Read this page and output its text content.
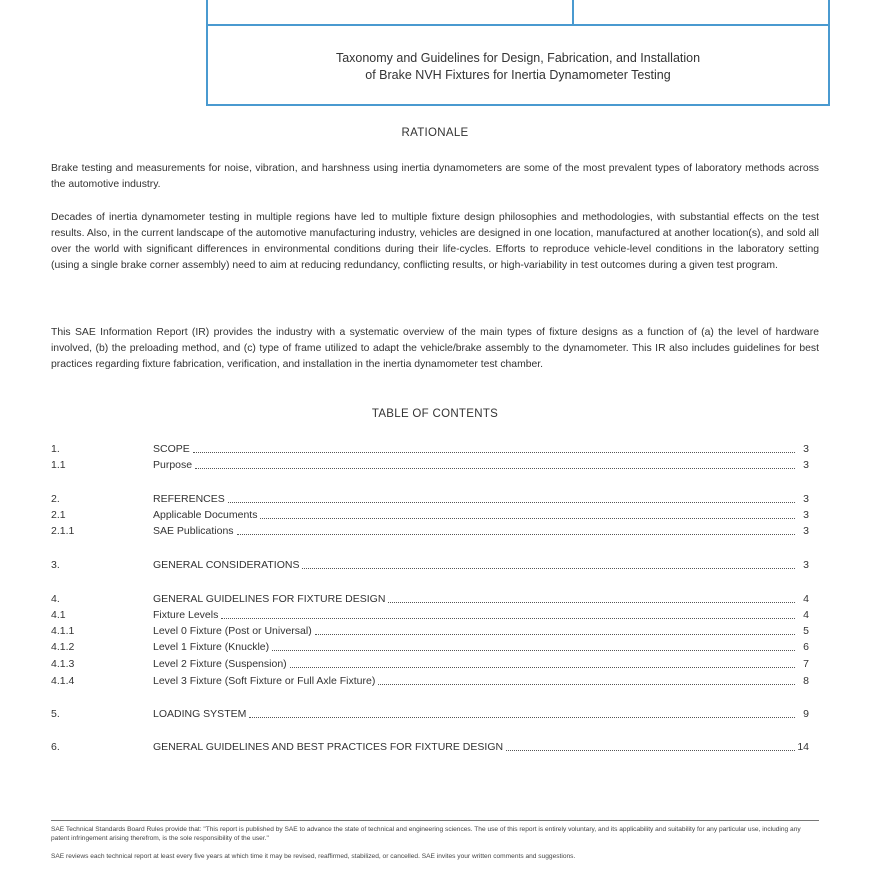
Taxonomy and Guidelines for Design, Fabrication, and Installation
of Brake NVH Fixtures for Inertia Dynamometer Testing
RATIONALE

Brake testing and measurements for noise, vibration, and harshness using inertia dynamometers are some of the most prevalent types of laboratory methods across the automotive industry.

Decades of inertia dynamometer testing in multiple regions have led to multiple fixture design philosophies and methodologies, with substantial effects on the test results. Also, in the current landscape of the automotive manufacturing industry, vehicles are designed in one location, manufactured at another location(s), and sold all over the world with significant differences in environmental conditions during their life-cycles. Efforts to reproduce vehicle-level conditions in the laboratory setting (using a single brake corner assembly) need to aim at reducing redundancy, conflicting results, or high-variability in test outcomes during a given test program.

This SAE Information Report (IR) provides the industry with a systematic overview of the main types of fixture designs as a function of (a) the level of hardware involved, (b) the preloading method, and (c) type of frame utilized to adapt the vehicle/brake assembly to the dynamometer. This IR also includes guidelines for best practices regarding fixture fabrication, verification, and installation in the inertia dynamometer test chamber.

TABLE OF CONTENTS
1.	SCOPE	3
1.1	Purpose	3
2.	REFERENCES	3
2.1	Applicable Documents	3
2.1.1	SAE Publications	3
3.	GENERAL CONSIDERATIONS	3
4.	GENERAL GUIDELINES FOR FIXTURE DESIGN	4
4.1	Fixture Levels	4
4.1.1	Level 0 Fixture (Post or Universal)	5
4.1.2	Level 1 Fixture (Knuckle)	6
4.1.3	Level 2 Fixture (Suspension)	7
4.1.4	Level 3 Fixture (Soft Fixture or Full Axle Fixture)	8
5.	LOADING SYSTEM	9
6.	GENERAL GUIDELINES AND BEST PRACTICES FOR FIXTURE DESIGN	14

SAE Technical Standards Board Rules provide that: "This report is published by SAE to advance the state of technical and engineering sciences. The use of this report is entirely voluntary, and its applicability and suitability for any particular use, including any patent infringement arising therefrom, is the sole responsibility of the user."

SAE reviews each technical report at least every five years at which time it may be revised, reaffirmed, stabilized, or cancelled. SAE invites your written comments and suggestions.
